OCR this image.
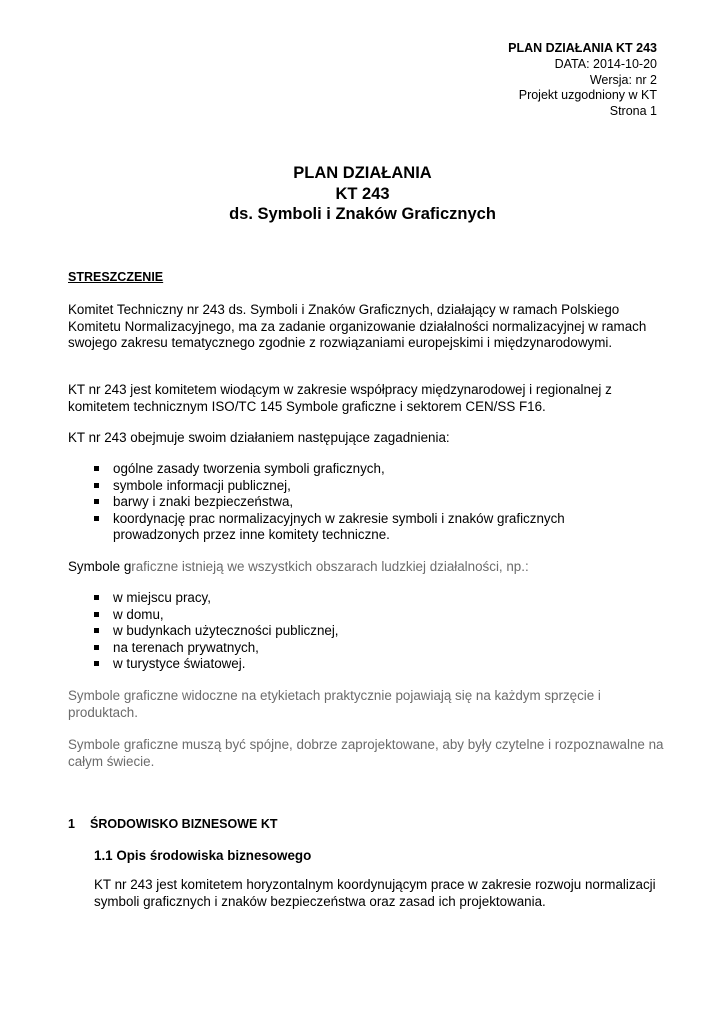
PLAN DZIAŁANIA KT 243
DATA: 2014-10-20
Wersja: nr 2
Projekt uzgodniony w KT
Strona 1
PLAN DZIAŁANIA
KT 243
ds. Symboli i Znaków Graficznych
STRESZCZENIE
Komitet Techniczny nr 243 ds. Symboli i Znaków Graficznych, działający w ramach Polskiego Komitetu Normalizacyjnego, ma za zadanie organizowanie działalności normalizacyjnej w ramach swojego zakresu tematycznego zgodnie z rozwiązaniami europejskimi i międzynarodowymi.
KT nr 243 jest komitetem wiodącym w zakresie współpracy międzynarodowej i regionalnej z komitetem technicznym ISO/TC 145 Symbole graficzne i sektorem CEN/SS F16.
KT nr 243 obejmuje swoim działaniem następujące zagadnienia:
ogólne zasady tworzenia symboli graficznych,
symbole informacji publicznej,
barwy i znaki bezpieczeństwa,
koordynację prac normalizacyjnych w zakresie symboli i znaków graficznych prowadzonych przez inne komitety techniczne.
Symbole graficzne istnieją we wszystkich obszarach ludzkiej działalności, np.:
w miejscu pracy,
w domu,
w budynkach użyteczności publicznej,
na terenach prywatnych,
w turystyce światowej.
Symbole graficzne widoczne na etykietach praktycznie pojawiają się na każdym sprzęcie i produktach.
Symbole graficzne muszą być spójne, dobrze zaprojektowane, aby były czytelne i rozpoznawalne na całym świecie.
1 ŚRODOWISKO BIZNESOWE KT
1.1 Opis środowiska biznesowego
KT nr 243 jest komitetem horyzontalnym koordynującym prace w zakresie rozwoju normalizacji symboli graficznych i znaków bezpieczeństwa oraz zasad ich projektowania.
